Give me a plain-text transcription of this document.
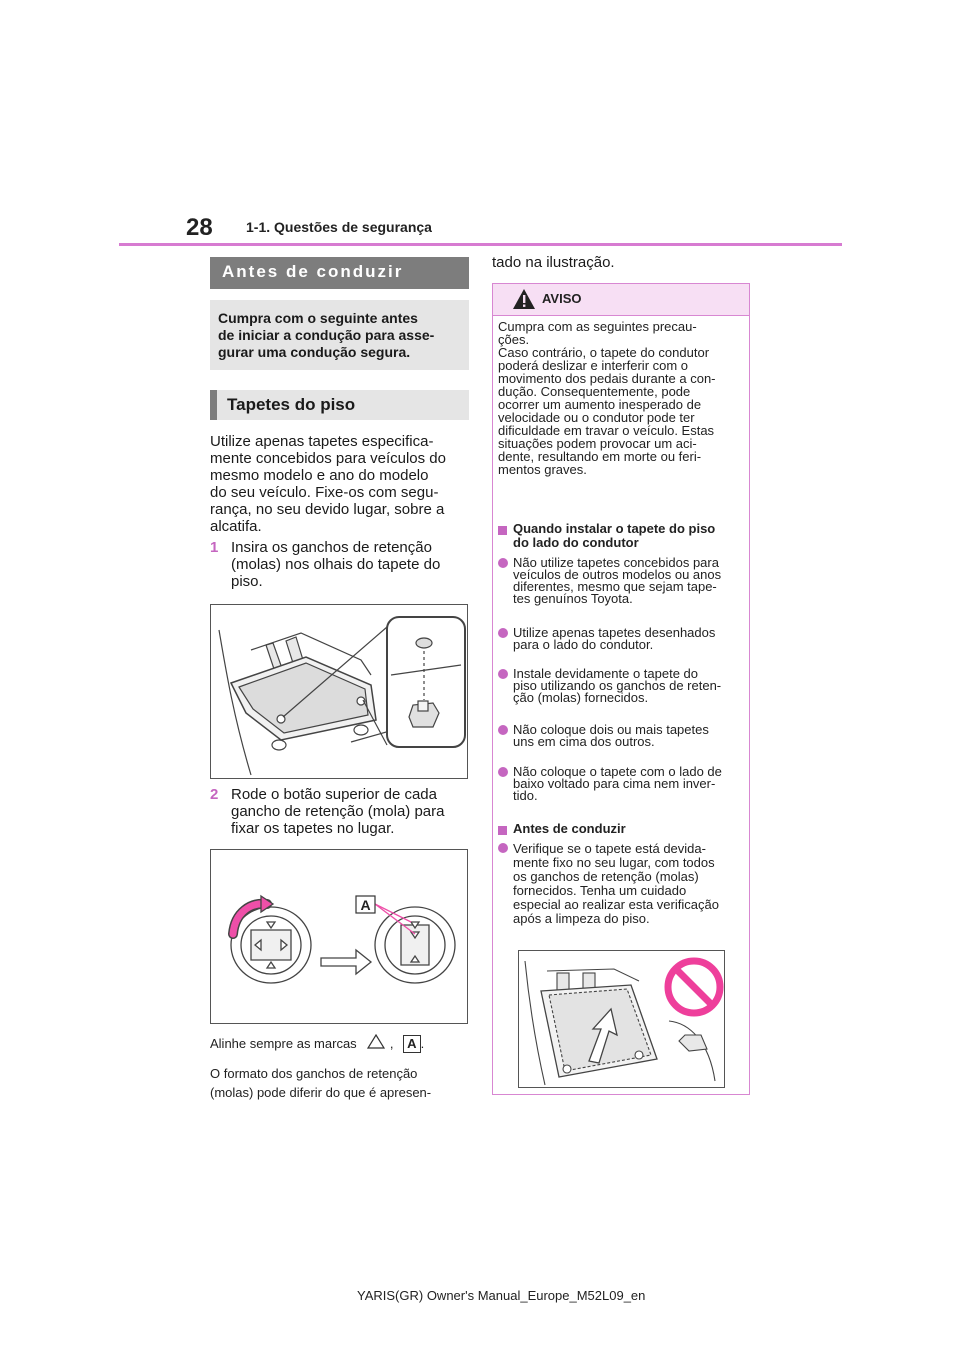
28 1-1. Questões de segurança
Antes de conduzir
Cumpra com o seguinte antes
de iniciar a condução para asse-
gurar uma condução segura.
Tapetes do piso
Utilize apenas tapetes especifica-
mente concebidos para veículos do
mesmo modelo e ano do modelo
do seu veículo. Fixe-os com segu-
rança, no seu devido lugar, sobre a
alcatifa.
1 Insira os ganchos de retenção
(molas) nos olhais do tapete do
piso.
2 Rode o botão superior de cada
gancho de retenção (mola) para
fixar os tapetes no lugar.
A
Alinhe sempre as marcas	, A .
O formato dos ganchos de retenção
(molas) pode diferir do que é apresen-
tado na ilustração.
AVISO
Cumpra com as seguintes precau-
ções.
Caso contrário, o tapete do condutor
poderá deslizar e interferir com o
movimento dos pedais durante a con-
dução. Consequentemente, pode
ocorrer um aumento inesperado de
velocidade ou o condutor pode ter
dificuldade em travar o veículo. Estas
situações podem provocar um aci-
dente, resultando em morte ou feri-
mentos graves.
Quando instalar o tapete do piso
do lado do condutor
Não utilize tapetes concebidos para
veículos de outros modelos ou anos
diferentes, mesmo que sejam tape-
tes genuínos Toyota.
Utilize apenas tapetes desenhados
para o lado do condutor.
Instale devidamente o tapete do
piso utilizando os ganchos de reten-
ção (molas) fornecidos.
Não coloque dois ou mais tapetes
uns em cima dos outros.
Não coloque o tapete com o lado de
baixo voltado para cima nem inver-
tido.
Antes de conduzir
Verifique se o tapete está devida-
mente fixo no seu lugar, com todos
os ganchos de retenção (molas)
fornecidos. Tenha um cuidado
especial ao realizar esta verificação
após a limpeza do piso.
YARIS(GR) Owner's Manual_Europe_M52L09_en
